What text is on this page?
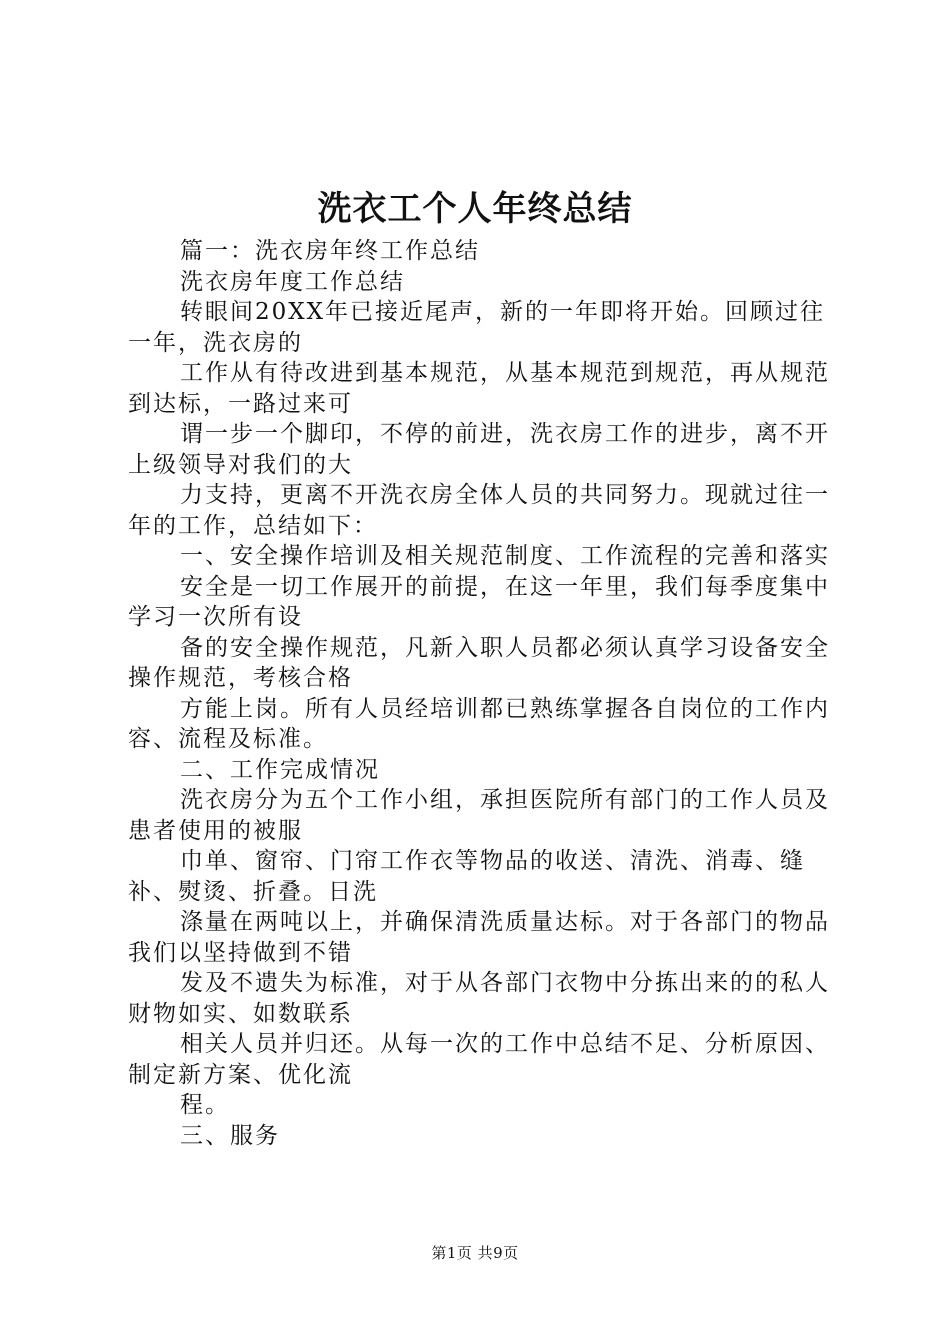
洗衣工个人年终总结

篇一：洗衣房年终工作总结

洗衣房年度工作总结

转眼间20XX年已接近尾声，新的一年即将开始。回顾过往一年，洗衣房的

工作从有待改进到基本规范，从基本规范到规范，再从规范到达标，一路过来可

谓一步一个脚印，不停的前进，洗衣房工作的进步，离不开上级领导对我们的大

力支持，更离不开洗衣房全体人员的共同努力。现就过往一年的工作，总结如下：

一、安全操作培训及相关规范制度、工作流程的完善和落实

安全是一切工作展开的前提，在这一年里，我们每季度集中学习一次所有设

备的安全操作规范，凡新入职人员都必须认真学习设备安全操作规范，考核合格

方能上岗。所有人员经培训都已熟练掌握各自岗位的工作内容、流程及标准。

二、工作完成情况

洗衣房分为五个工作小组，承担医院所有部门的工作人员及患者使用的被服

巾单、窗帘、门帘工作衣等物品的收送、清洗、消毒、缝补、熨烫、折叠。日洗

涤量在两吨以上，并确保清洗质量达标。对于各部门的物品我们以坚持做到不错

发及不遗失为标准，对于从各部门衣物中分拣出来的的私人财物如实、如数联系

相关人员并归还。从每一次的工作中总结不足、分析原因、制定新方案、优化流

程。

三、服务

第1页 共9页
